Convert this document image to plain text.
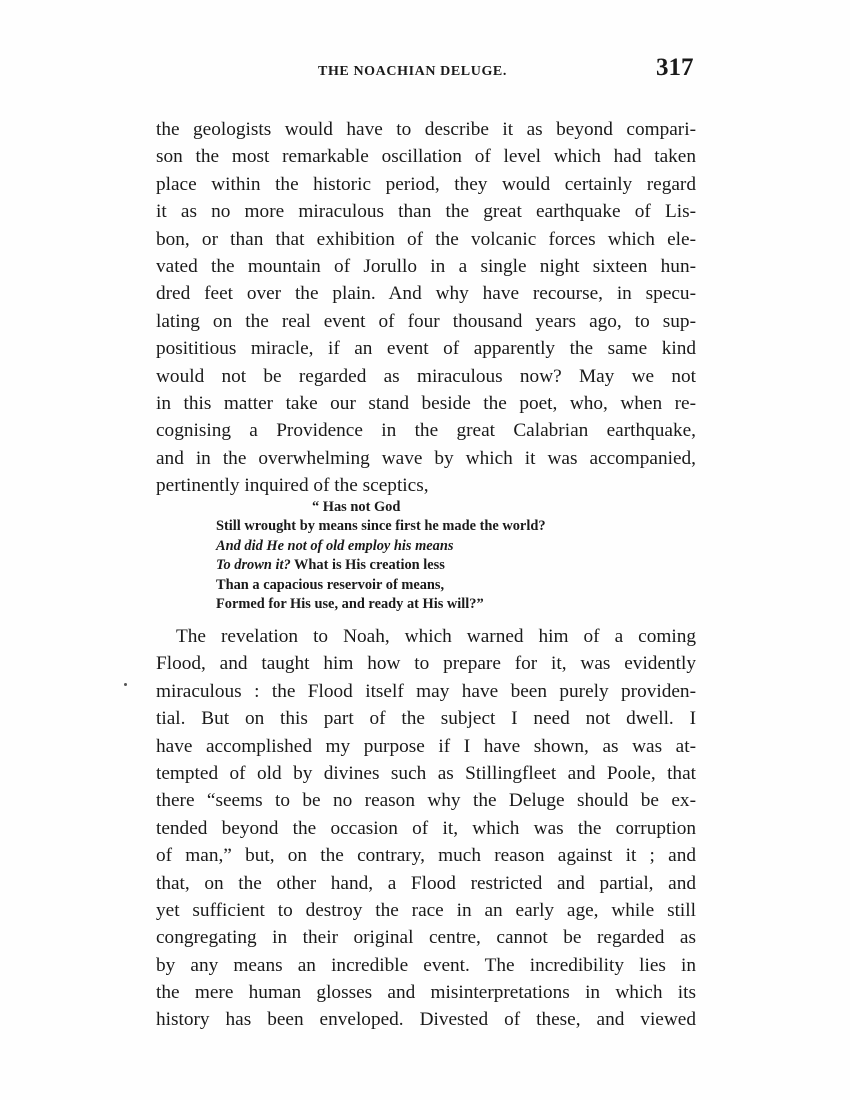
THE NOACHIAN DELUGE.	317
the geologists would have to describe it as beyond compari-
son the most remarkable oscillation of level which had taken
place within the historic period, they would certainly regard
it as no more miraculous than the great earthquake of Lis-
bon, or than that exhibition of the volcanic forces which ele-
vated the mountain of Jorullo in a single night sixteen hun-
dred feet over the plain. And why have recourse, in specu-
lating on the real event of four thousand years ago, to sup-
posititious miracle, if an event of apparently the same kind
would not be regarded as miraculous now? May we not
in this matter take our stand beside the poet, who, when re-
cognising a Providence in the great Calabrian earthquake,
and in the overwhelming wave by which it was accompanied,
pertinently inquired of the sceptics,
“ Has not God
Still wrought by means since first he made the world?
And did He not of old employ his means
To drown it? What is His creation less
Than a capacious reservoir of means,
Formed for His use, and ready at His will?”
The revelation to Noah, which warned him of a coming
Flood, and taught him how to prepare for it, was evidently
miraculous : the Flood itself may have been purely providen-
tial. But on this part of the subject I need not dwell. I
have accomplished my purpose if I have shown, as was at-
tempted of old by divines such as Stillingfleet and Poole, that
there “seems to be no reason why the Deluge should be ex-
tended beyond the occasion of it, which was the corruption
of man,” but, on the contrary, much reason against it ; and
that, on the other hand, a Flood restricted and partial, and
yet sufficient to destroy the race in an early age, while still
congregating in their original centre, cannot be regarded as
by any means an incredible event. The incredibility lies in
the mere human glosses and misinterpretations in which its
history has been enveloped. Divested of these, and viewed
